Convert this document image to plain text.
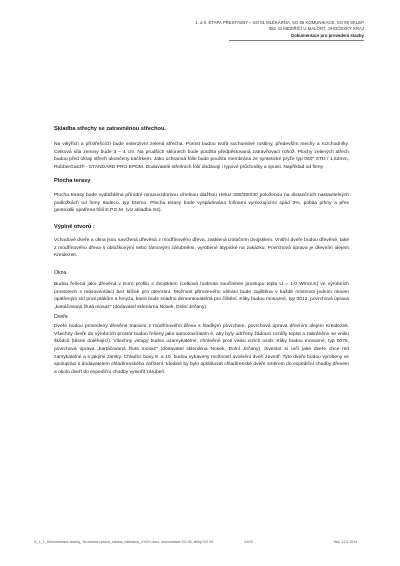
1. a II. ETAPA PŘESTAVBY – SO 01 MLÉKÁRNA, SO 05 KOMUNIKACE, SO 09 SKLEP
882 41 MEZIŘÍČÍ U MALONT, JIHOČESKÝ KRAJ
Dokumentace pro provedení stavby

Skladba střechy se zatravněnou střechou.

Na vikýřích a přístřešcích bude extenzivní zelená střecha. Porost budou tvořit suchomilné rostliny, především mechy a rozchodníky. Celková síla zeminy bude 3 – 4 cm. Na prudších sklonech bude použita předpěstovaná zatravňovací rohož. Plochy zelených střech budou před okraji střech ukončeny kačírkem. Jako ochranná fólie bude použita membrána ze syntetické pryže typ 060" STD / 1,52mm, RubberGard® - STANDARD PRO EPDM. Dodavatelé střešních fólií dodávají i typové průchodky a vpusti. Například od firmy

Plocha terasy

Plocha terasy bude vydlážděna přírodní mrazuvzdornou cihelnou dlažbou Heluz 300/300/30 položenou na distančních nastavitelných podložkách od firmy Itadeco, typ Eterno. Plocha terasy bude vyspádována fošnami vymezujícími spád 3%, pobita prkny a přes geotextilii opatřena fólií E.P.D.M. (viz skladba S4).

Výplně otvorů :

Vchodové dveře a okna jsou navržená dřevěná z modřínového dřeva, zasklená izolačním dvojsklem. Vnitřní dveře budou dřevěné, také z modřínového dřeva s obložkovými nebo rámovými zárubněmi, vyrobené atypické na zakázku. Povrchová úprava je dřevním olejem Kreidezeit.

Okna

Budou řešená jako dřevěná v Euro profilu s dvojsklem (celková hodnota součinitele prostupu tepla U = 1,0 W/m2.K) ve výrobních prostorech s mikroventilací bez klíček pro otevírání. Možnost přirozeného větrání bude zajištěna v každé místnosti jedním oknem opatřeným sítí proti ptákům a hmyzu, které bude snadno demontovatelná pro čištění. Kliky budou mosazné, typ 0012, povrchová úprava „kartáčovaná žlutá mosaz" (dodavatel sklenárna Nosek, Dolní Jirčany).

Dveře

Dveře budou provedeny dřevěné masivní z modřínového dřeva s hladkým povrchem, povrchová úprava dřevním olejem Kreidezeit. Všechny dveře do výrobních prostor budou řešeny jako samozavírateln é, aby byly udrženy žádoucí rozdíly teplot a zabráněno se vniku škůdců (těsné doléhající). Všechny vstupy budou uzamykatelné, chráněné proti vniku cizích osob. Kliky budou mosazné, typ 0076, povrchová úprava „kartáčovaná žlutá mosaz" (dodavatel sklenárna Nosek, Dolní Jirčany). Investor si určí jaké dveře chce mít zamykatelné a s jakými zámky. Chladící boxy 8. a 10. budou vybaveny možností uvolnění dveří zevnitř. Tyto dveře budou vyrobeny ve spolupráci s dodavatelem chladírenského zařízení. Ideálně by bylo opláštovat chladírenské dveře směrem do expediční chodby dřevem a okolo dveří do expediční chodby vytvořit zárubeň.

D_1_1_Dokumentace stavby_Technická zpráva_stavba_mlékárny_XXXX.docx, komunikace SO 05, sklep SO 09	14/20	tisk: 12.5.2014
